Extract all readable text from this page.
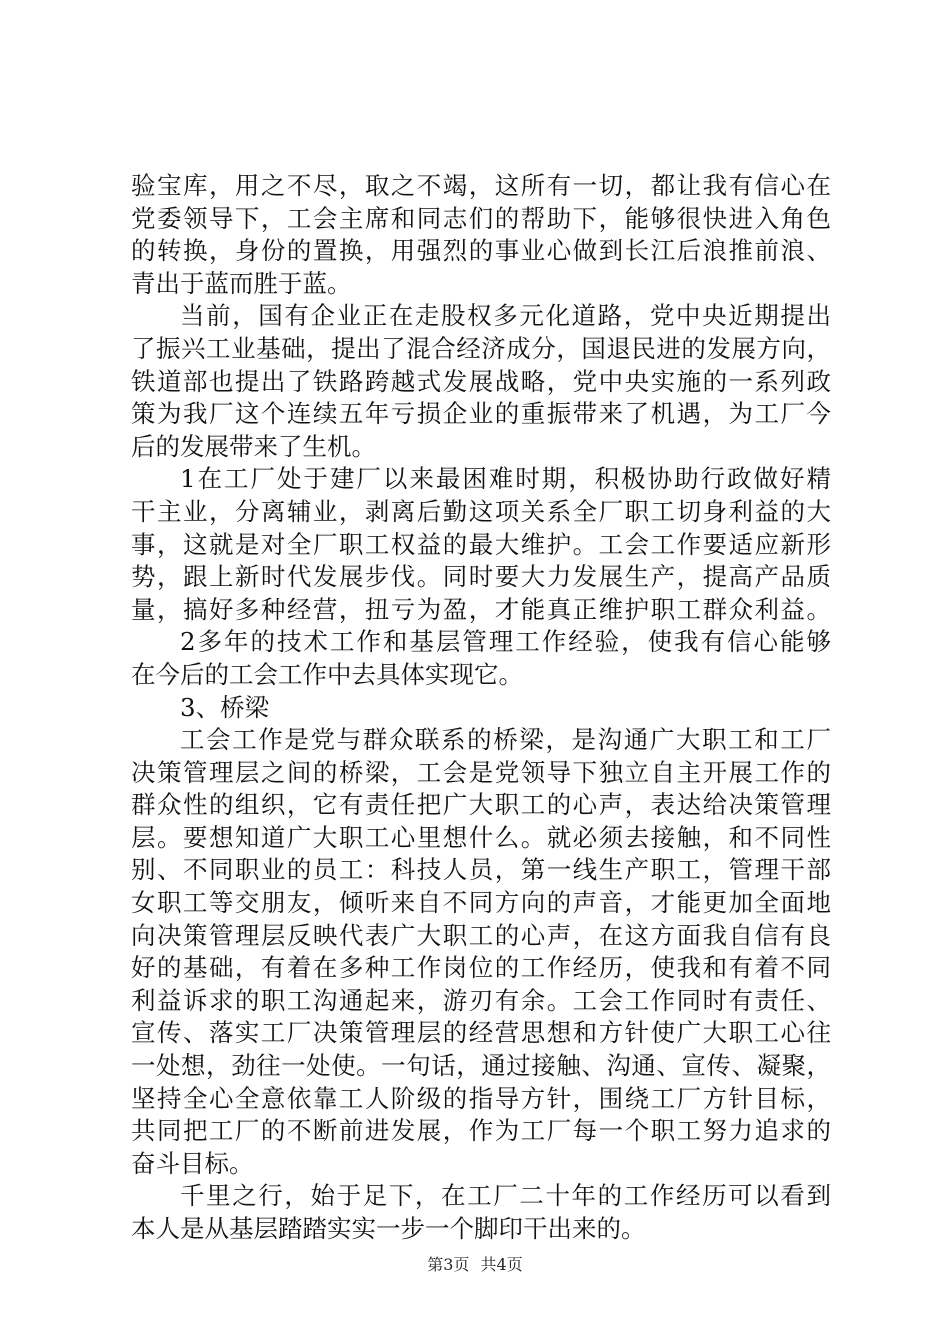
验宝库，用之不尽，取之不竭，这所有一切，都让我有信心在
党委领导下，工会主席和同志们的帮助下，能够很快进入角色
的转换，身份的置换，用强烈的事业心做到长江后浪推前浪、
青出于蓝而胜于蓝。
当前，国有企业正在走股权多元化道路，党中央近期提出
了振兴工业基础，提出了混合经济成分，国退民进的发展方向，
铁道部也提出了铁路跨越式发展战略，党中央实施的一系列政
策为我厂这个连续五年亏损企业的重振带来了机遇，为工厂今
后的发展带来了生机。
1在工厂处于建厂以来最困难时期，积极协助行政做好精
干主业，分离辅业，剥离后勤这项关系全厂职工切身利益的大
事，这就是对全厂职工权益的最大维护。工会工作要适应新形
势，跟上新时代发展步伐。同时要大力发展生产，提高产品质
量，搞好多种经营，扭亏为盈，才能真正维护职工群众利益。
2多年的技术工作和基层管理工作经验，使我有信心能够
在今后的工会工作中去具体实现它。
3、桥梁
工会工作是党与群众联系的桥梁，是沟通广大职工和工厂
决策管理层之间的桥梁，工会是党领导下独立自主开展工作的
群众性的组织，它有责任把广大职工的心声，表达给决策管理
层。要想知道广大职工心里想什么。就必须去接触，和不同性
别、不同职业的员工：科技人员，第一线生产职工，管理干部
女职工等交朋友，倾听来自不同方向的声音，才能更加全面地
向决策管理层反映代表广大职工的心声，在这方面我自信有良
好的基础，有着在多种工作岗位的工作经历，使我和有着不同
利益诉求的职工沟通起来，游刃有余。工会工作同时有责任、
宣传、落实工厂决策管理层的经营思想和方针使广大职工心往
一处想，劲往一处使。一句话，通过接触、沟通、宣传、凝聚，
坚持全心全意依靠工人阶级的指导方针，围绕工厂方针目标，
共同把工厂的不断前进发展，作为工厂每一个职工努力追求的
奋斗目标。
千里之行，始于足下，在工厂二十年的工作经历可以看到
本人是从基层踏踏实实一步一个脚印干出来的。
第3页 共4页
